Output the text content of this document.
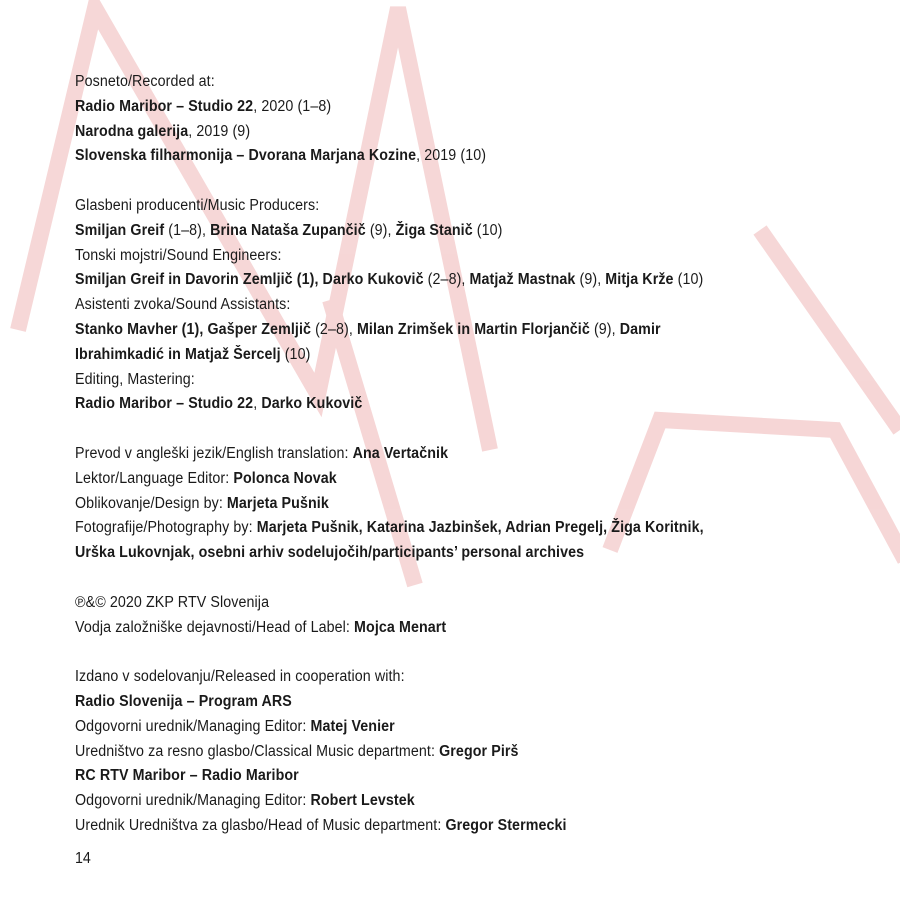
Posneto/Recorded at:
Radio Maribor – Studio 22, 2020 (1–8)
Narodna galerija, 2019 (9)
Slovenska filharmonija – Dvorana Marjana Kozine, 2019 (10)
Glasbeni producenti/Music Producers:
Smiljan Greif (1–8), Brina Nataša Zupančič (9), Žiga Stanič (10)
Tonski mojstri/Sound Engineers:
Smiljan Greif in Davorin Zemljič (1), Darko Kukovič (2–8), Matjaž Mastnak (9), Mitja Krže (10)
Asistenti zvoka/Sound Assistants:
Stanko Mavher (1), Gašper Zemljič (2–8), Milan Zrimšek in Martin Florjančič (9), Damir
Ibrahimkadić in Matjaž Šercelj (10)
Editing, Mastering:
Radio Maribor – Studio 22, Darko Kukovič
Prevod v angleški jezik/English translation: Ana Vertačnik
Lektor/Language Editor: Polonca Novak
Oblikovanje/Design by: Marjeta Pušnik
Fotografije/Photography by: Marjeta Pušnik, Katarina Jazbinšek, Adrian Pregelj, Žiga Koritnik,
Urška Lukovnjak, osebni arhiv sodelujočih/participants’ personal archives
℗&© 2020 ZKP RTV Slovenija
Vodja založniške dejavnosti/Head of Label: Mojca Menart
Izdano v sodelovanju/Released in cooperation with:
Radio Slovenija – Program ARS
Odgovorni urednik/Managing Editor: Matej Venier
Uredništvo za resno glasbo/Classical Music department: Gregor Pirš
RC RTV Maribor – Radio Maribor
Odgovorni urednik/Managing Editor: Robert Levstek
Urednik Uredništva za glasbo/Head of Music department: Gregor Stermecki
14
